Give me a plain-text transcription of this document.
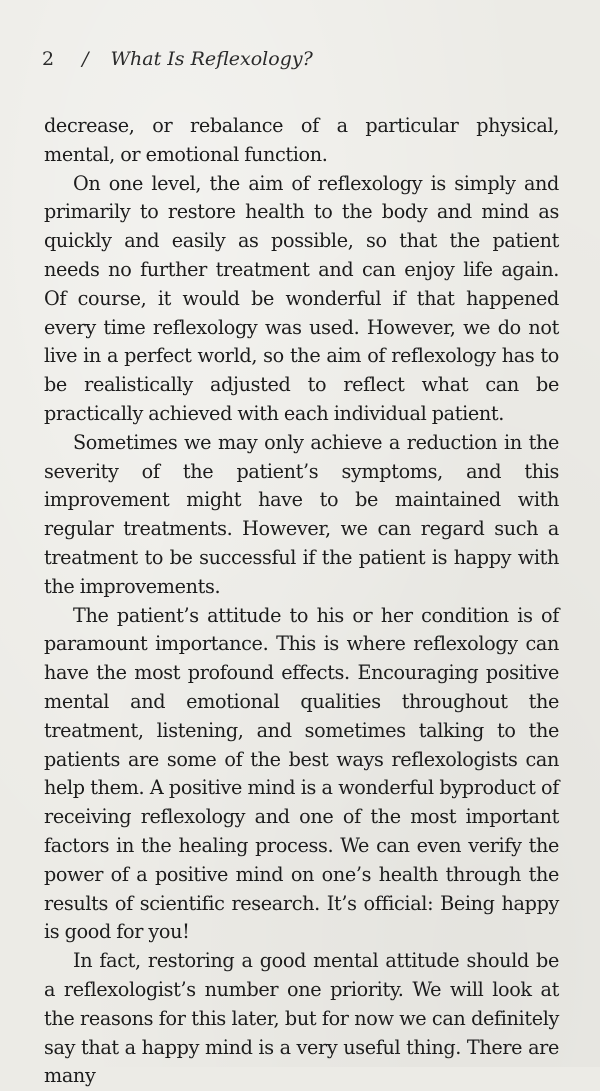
2 / What Is Reflexology?

decrease, or rebalance of a particular physical, mental, or emotional function.

On one level, the aim of reflexology is simply and primarily to restore health to the body and mind as quickly and easily as possible, so that the patient needs no further treatment and can enjoy life again. Of course, it would be wonderful if that happened every time reflexology was used. However, we do not live in a perfect world, so the aim of reflexology has to be realistically adjusted to reflect what can be practically achieved with each individual patient.

Sometimes we may only achieve a reduction in the severity of the patient’s symptoms, and this improvement might have to be maintained with regular treatments. However, we can regard such a treatment to be successful if the patient is happy with the improvements.

The patient’s attitude to his or her condition is of paramount importance. This is where reflexology can have the most profound effects. Encouraging positive mental and emotional qualities throughout the treatment, listening, and sometimes talking to the patients are some of the best ways reflexologists can help them. A positive mind is a wonderful byproduct of receiving reflexology and one of the most important factors in the healing process. We can even verify the power of a positive mind on one’s health through the results of scientific research. It’s official: Being happy is good for you!

In fact, restoring a good mental attitude should be a reflexologist’s number one priority. We will look at the reasons for this later, but for now we can definitely say that a happy mind is a very useful thing. There are many
